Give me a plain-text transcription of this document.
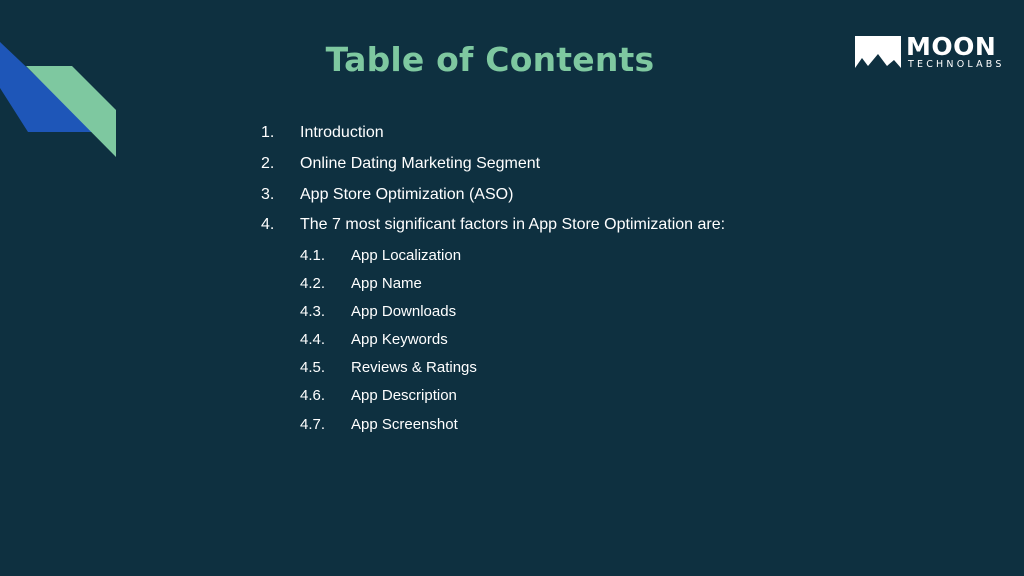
Table of Contents	MOON
TECHNOLABS
1. Introduction
2. Online Dating Marketing Segment
3. App Store Optimization (ASO)
4. The 7 most significant factors in App Store Optimization are:
4.1. App Localization
4.2. App Name
4.3. App Downloads
4.4. App Keywords
4.5. Reviews & Ratings
4.6. App Description
4.7. App Screenshot
